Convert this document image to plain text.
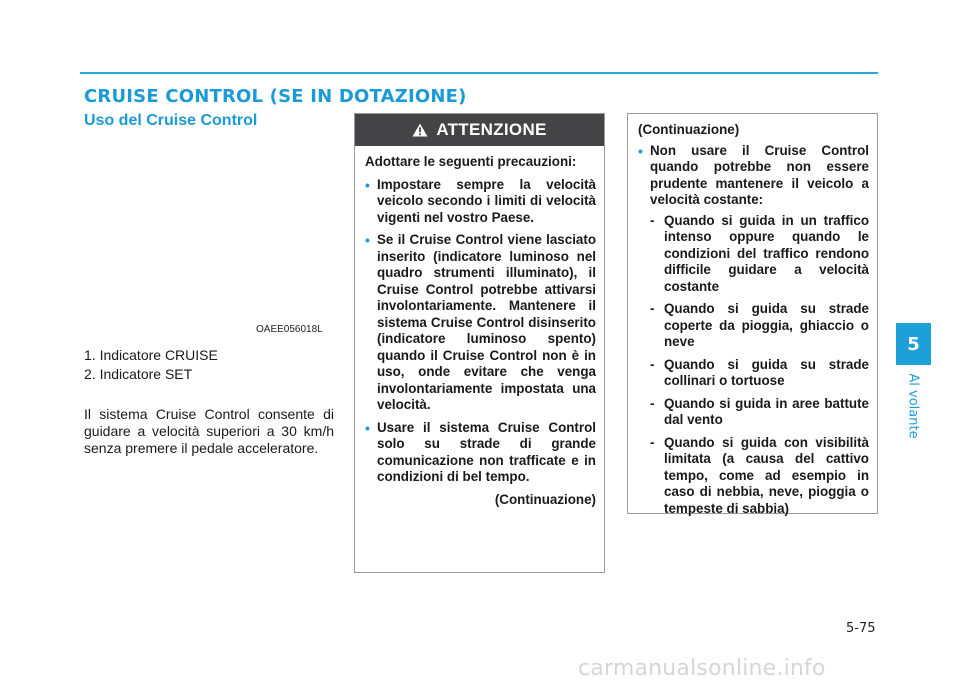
CRUISE CONTROL (SE IN DOTAZIONE)
Uso del Cruise Control
OAEE056018L
1. Indicatore CRUISE
2. Indicatore SET

Il sistema Cruise Control consente di guidare a velocità superiori a 30 km/h senza premere il pedale acceleratore.

ATTENZIONE

Adottare le seguenti precauzioni:

• Impostare sempre la velocità veicolo secondo i limiti di velocità vigenti nel vostro Paese.

• Se il Cruise Control viene lasciato inserito (indicatore luminoso nel quadro strumenti illuminato), il Cruise Control potrebbe attivarsi involontariamente. Mantenere il sistema Cruise Control disinserito (indicatore luminoso spento) quando il Cruise Control non è in uso, onde evitare che venga involontariamente impostata una velocità.

• Usare il sistema Cruise Control solo su strade di grande comunicazione non trafficate e in condizioni di bel tempo.

(Continuazione)

(Continuazione)

• Non usare il Cruise Control quando potrebbe non essere prudente mantenere il veicolo a velocità costante:

- Quando si guida in un traffico intenso oppure quando le condizioni del traffico rendono difficile guidare a velocità costante

- Quando si guida su strade coperte da pioggia, ghiaccio o neve

- Quando si guida su strade collinari o tortuose

- Quando si guida in aree battute dal vento

- Quando si guida con visibilità limitata (a causa del cattivo tempo, come ad esempio in caso di nebbia, neve, pioggia o tempeste di sabbia)

5
Al volante
5-75
carmanualsonline.info
